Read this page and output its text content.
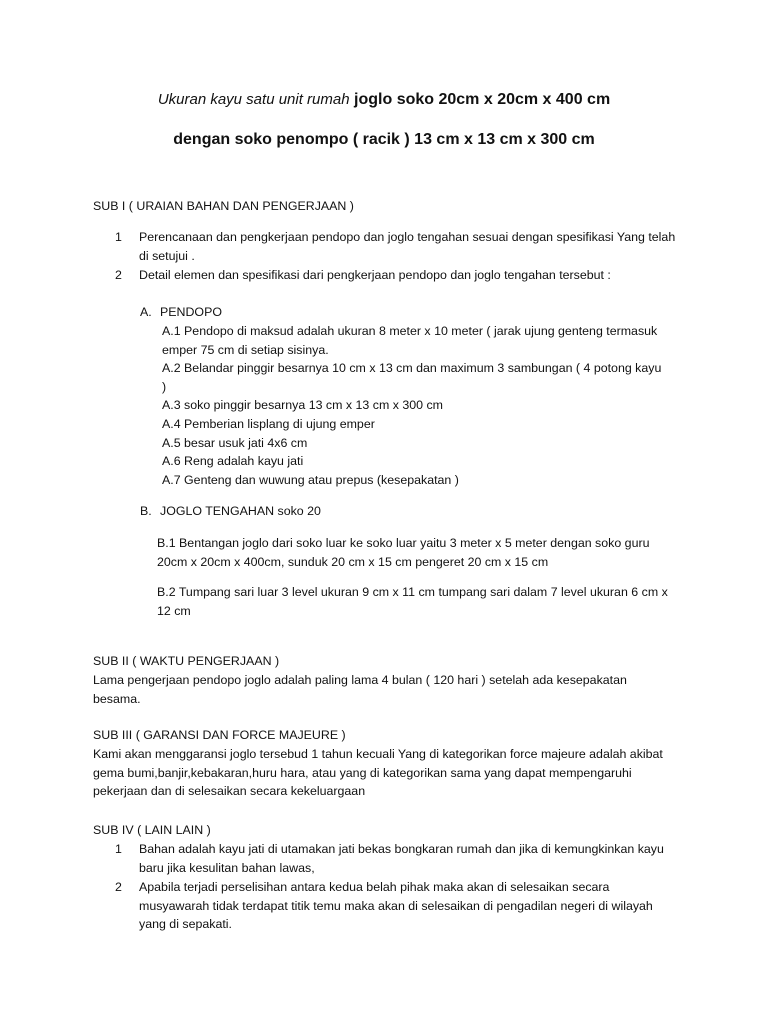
Ukuran kayu satu unit rumah joglo soko 20cm x 20cm x 400 cm
dengan soko penompo ( racik ) 13 cm x 13 cm x 300 cm
SUB I ( URAIAN BAHAN DAN PENGERJAAN )
1 Perencanaan dan pengkerjaan pendopo dan joglo tengahan sesuai dengan spesifikasi Yang telah di setujui .
2 Detail elemen dan spesifikasi dari pengkerjaan pendopo dan joglo tengahan tersebut :
A. PENDOPO
A.1 Pendopo di maksud adalah ukuran 8 meter x 10 meter ( jarak ujung genteng termasuk emper 75 cm di setiap sisinya.
A.2 Belandar pinggir besarnya 10 cm x 13 cm dan maximum 3 sambungan ( 4 potong kayu )
A.3 soko pinggir besarnya 13 cm x 13 cm x 300 cm
A.4 Pemberian lisplang di ujung emper
A.5 besar usuk jati 4x6 cm
A.6 Reng adalah kayu jati
A.7 Genteng dan wuwung atau prepus (kesepakatan )
B. JOGLO TENGAHAN soko 20
B.1 Bentangan joglo dari soko luar ke soko luar yaitu 3 meter x 5 meter dengan soko guru 20cm x 20cm x 400cm, sunduk 20 cm x 15 cm pengeret 20 cm x 15 cm
B.2 Tumpang sari luar 3 level ukuran 9 cm x 11 cm tumpang sari dalam 7 level ukuran 6 cm x 12 cm
SUB II ( WAKTU PENGERJAAN )
Lama pengerjaan pendopo joglo adalah paling lama 4 bulan ( 120 hari ) setelah ada kesepakatan besama.
SUB III ( GARANSI DAN FORCE MAJEURE )
Kami akan menggaransi joglo tersebud 1 tahun kecuali Yang di kategorikan force majeure adalah akibat gema bumi,banjir,kebakaran,huru hara, atau yang di kategorikan sama yang dapat mempengaruhi pekerjaan dan di selesaikan secara kekeluargaan
SUB IV ( LAIN LAIN )
1 Bahan adalah kayu jati di utamakan jati bekas bongkaran rumah dan jika di kemungkinkan kayu baru jika kesulitan bahan lawas,
2 Apabila terjadi perselisihan antara kedua belah pihak maka akan di selesaikan secara musyawarah tidak terdapat titik temu maka akan di selesaikan di pengadilan negeri di wilayah yang di sepakati.
